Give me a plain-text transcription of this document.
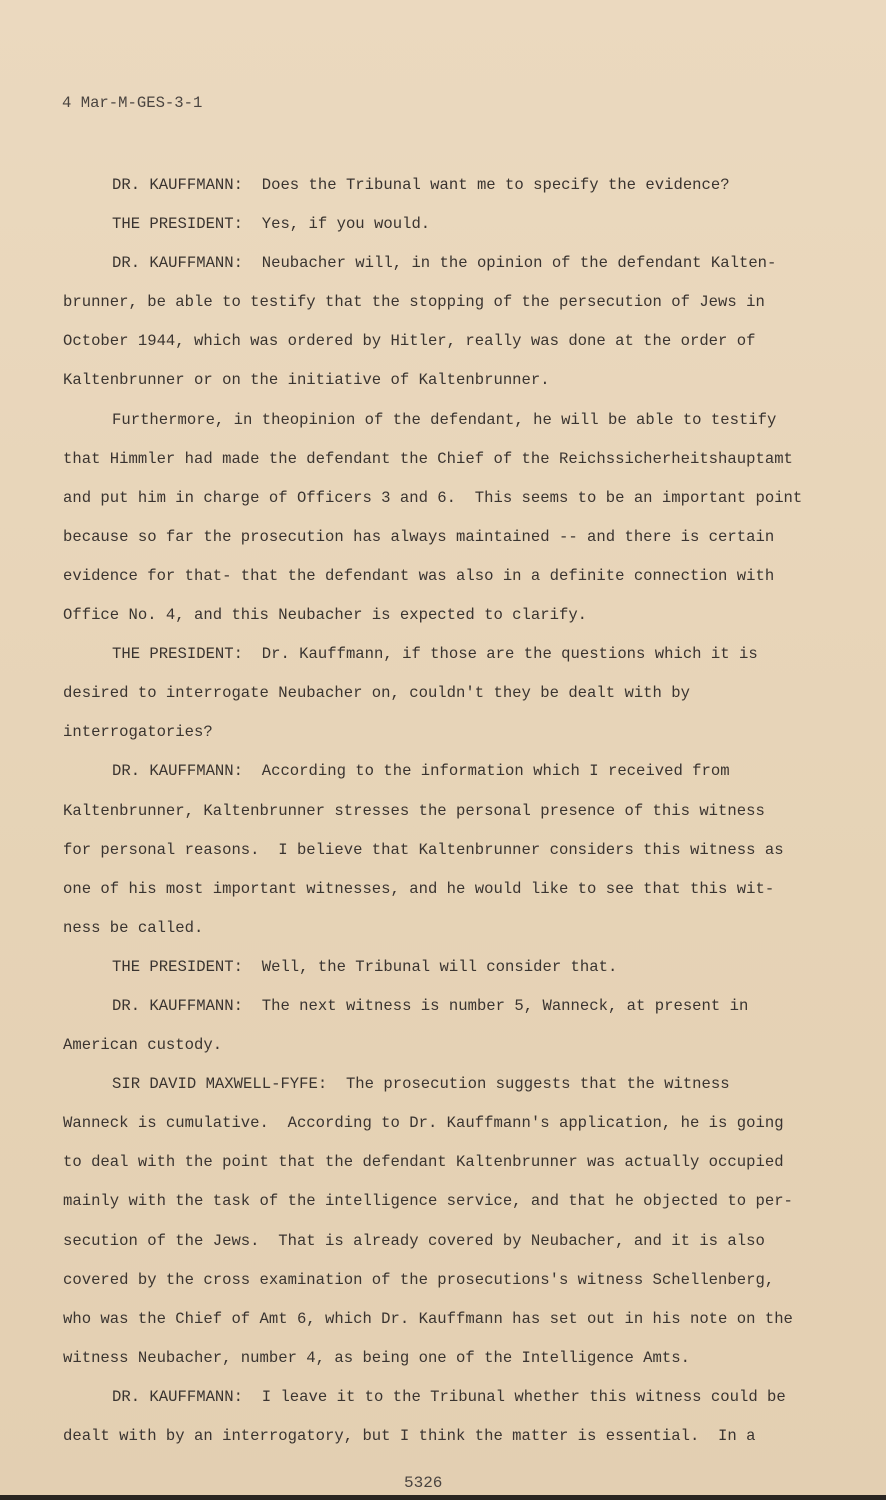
4 Mar-M-GES-3-1
DR. KAUFFMANN:  Does the Tribunal want me to specify the evidence?
THE PRESIDENT:  Yes, if you would.
DR. KAUFFMANN:  Neubacher will, in the opinion of the defendant Kalten-
brunner, be able to testify that the stopping of the persecution of Jews in
October 1944, which was ordered by Hitler, really was done at the order of
Kaltenbrunner or on the initiative of Kaltenbrunner.
Furthermore, in theopinion of the defendant, he will be able to testify
that Himmler had made the defendant the Chief of the Reichssicherheitshauptamt
and put him in charge of Officers 3 and 6.  This seems to be an important point
because so far the prosecution has always maintained -- and there is certain
evidence for that- that the defendant was also in a definite connection with
Office No. 4, and this Neubacher is expected to clarify.
THE PRESIDENT:  Dr. Kauffmann, if those are the questions which it is
desired to interrogate Neubacher on, couldn't they be dealt with by
interrogatories?
DR. KAUFFMANN:  According to the information which I received from
Kaltenbrunner, Kaltenbrunner stresses the personal presence of this witness
for personal reasons.  I believe that Kaltenbrunner considers this witness as
one of his most important witnesses, and he would like to see that this wit-
ness be called.
THE PRESIDENT:  Well, the Tribunal will consider that.
DR. KAUFFMANN:  The next witness is number 5, Wanneck, at present in
American custody.
SIR DAVID MAXWELL-FYFE:  The prosecution suggests that the witness
Wanneck is cumulative.  According to Dr. Kauffmann's application, he is going
to deal with the point that the defendant Kaltenbrunner was actually occupied
mainly with the task of the intelligence service, and that he objected to per-
secution of the Jews.  That is already covered by Neubacher, and it is also
covered by the cross examination of the prosecutions's witness Schellenberg,
who was the Chief of Amt 6, which Dr. Kauffmann has set out in his note on the
witness Neubacher, number 4, as being one of the Intelligence Amts.
DR. KAUFFMANN:  I leave it to the Tribunal whether this witness could be
dealt with by an interrogatory, but I think the matter is essential.  In a
5326
